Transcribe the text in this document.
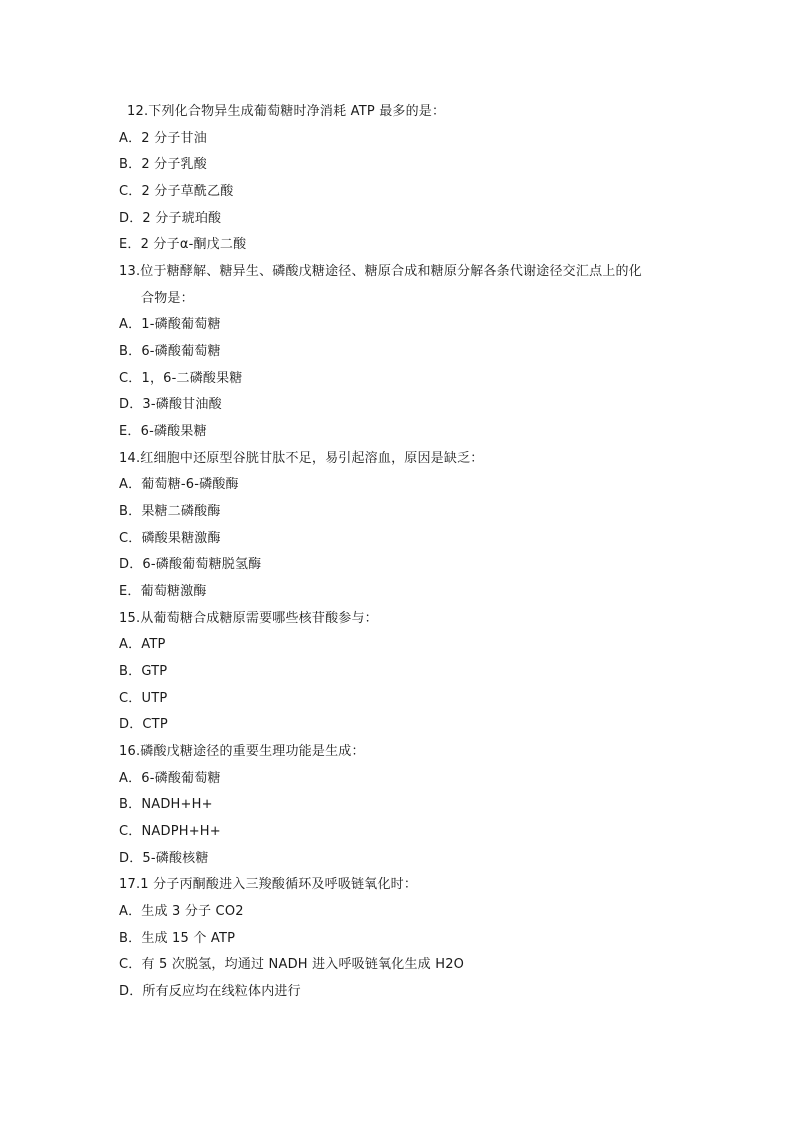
12.下列化合物异生成葡萄糖时净消耗 ATP 最多的是：
A．2 分子甘油
B．2 分子乳酸
C．2 分子草酰乙酸
D．2 分子琥珀酸
E．2 分子α-酮戊二酸
13.位于糖酵解、糖异生、磷酸戊糖途径、糖原合成和糖原分解各条代谢途径交汇点上的化
合物是：
A．1-磷酸葡萄糖
B．6-磷酸葡萄糖
C．1，6-二磷酸果糖
D．3-磷酸甘油酸
E．6-磷酸果糖
14.红细胞中还原型谷胱甘肽不足，易引起溶血，原因是缺乏：
A．葡萄糖-6-磷酸酶
B．果糖二磷酸酶
C．磷酸果糖激酶
D．6-磷酸葡萄糖脱氢酶
E．葡萄糖激酶
15.从葡萄糖合成糖原需要哪些核苷酸参与：
A．ATP
B．GTP
C．UTP
D．CTP
16.磷酸戊糖途径的重要生理功能是生成：
A．6-磷酸葡萄糖
B．NADH+H+
C．NADPH+H+
D．5-磷酸核糖
17.1 分子丙酮酸进入三羧酸循环及呼吸链氧化时：
A．生成 3 分子 CO2
B．生成 15 个 ATP
C．有 5 次脱氢，均通过 NADH 进入呼吸链氧化生成 H2O
D．所有反应均在线粒体内进行
